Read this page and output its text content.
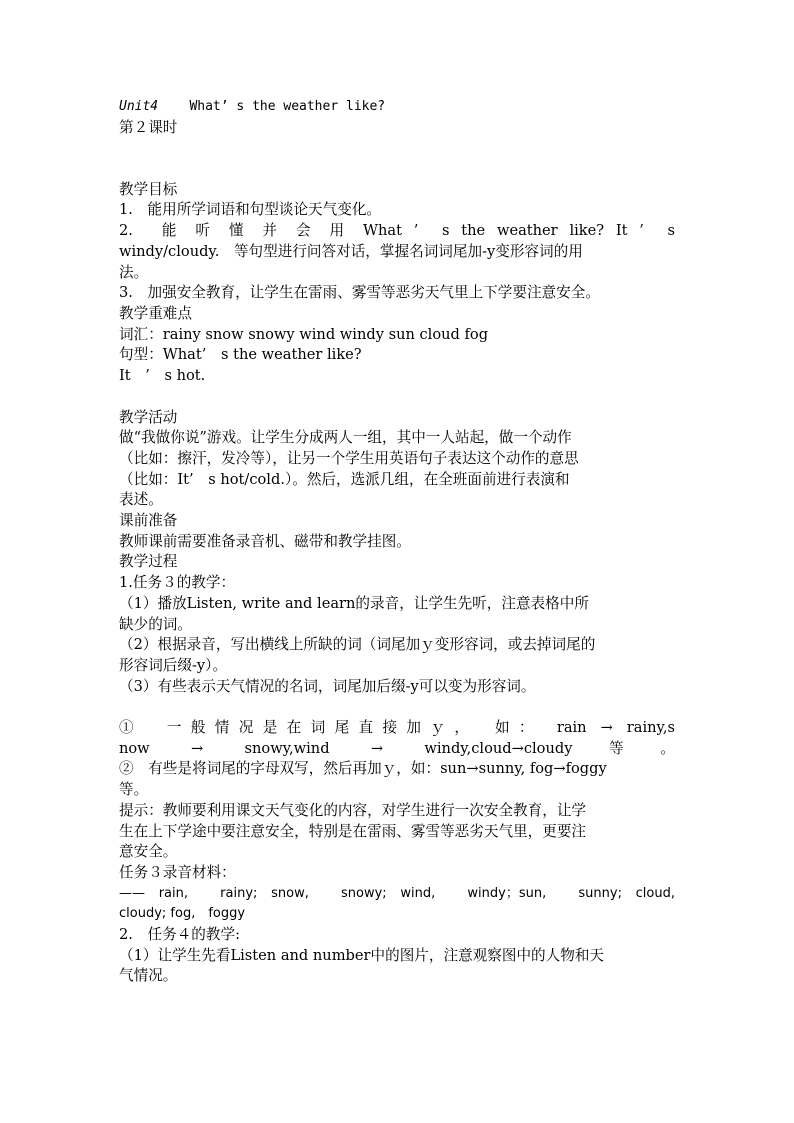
Unit4 What’ s the weather like?
第２课时
教学目标
1.　能用所学词语和句型谈论天气变化。
2.　能 听 懂 并 会 用 What ’  s the weather like? It ’  s
windy/cloudy.　等句型进行问答对话，掌握名词词尾加-y变形容词的用
法。
3.　加强安全教育，让学生在雷雨、雾雪等恶劣天气里上下学要注意安全。
教学重难点
词汇：rainy snow snowy wind windy sun cloud fog
句型：What’　s the weather like?
It　’　s hot.
教学活动
做“我做你说”游戏。让学生分成两人一组，其中一人站起，做一个动作
（比如：擦汗，发冷等），让另一个学生用英语句子表达这个动作的意思
（比如：It’　s hot/cold.）。然后，选派几组，在全班面前进行表演和
表述。
课前准备
教师课前需要准备录音机、磁带和教学挂图。
教学过程
1.任务３的教学：
（1）播放Listen, write and learn的录音，让学生先听，注意表格中所
缺少的词。
（2）根据录音，写出横线上所缺的词（词尾加ｙ变形容词，或去掉词尾的
形容词后缀-y）。
（3）有些表示天气情况的名词，词尾加后缀-y可以变为形容词。
①　一般情况是在词尾直接加ｙ，　如： rain → rainy,s
now → snowy,wind → windy,cloud→cloudy等。
②　有些是将词尾的字母双写，然后再加ｙ，如：sun→sunny, fog→foggy
等。
提示：教师要利用课文天气变化的内容，对学生进行一次安全教育，让学
生在上下学途中要注意安全，特别是在雷雨、雾雪等恶劣天气里，更要注
意安全。
任务３录音材料：
—— rain,　rainy; snow,　snowy; wind,　windy；sun,　sunny; cloud,
cloudy; fog,　foggy
2.　任务４的教学:
（1）让学生先看Listen and number中的图片，注意观察图中的人物和天
气情况。
